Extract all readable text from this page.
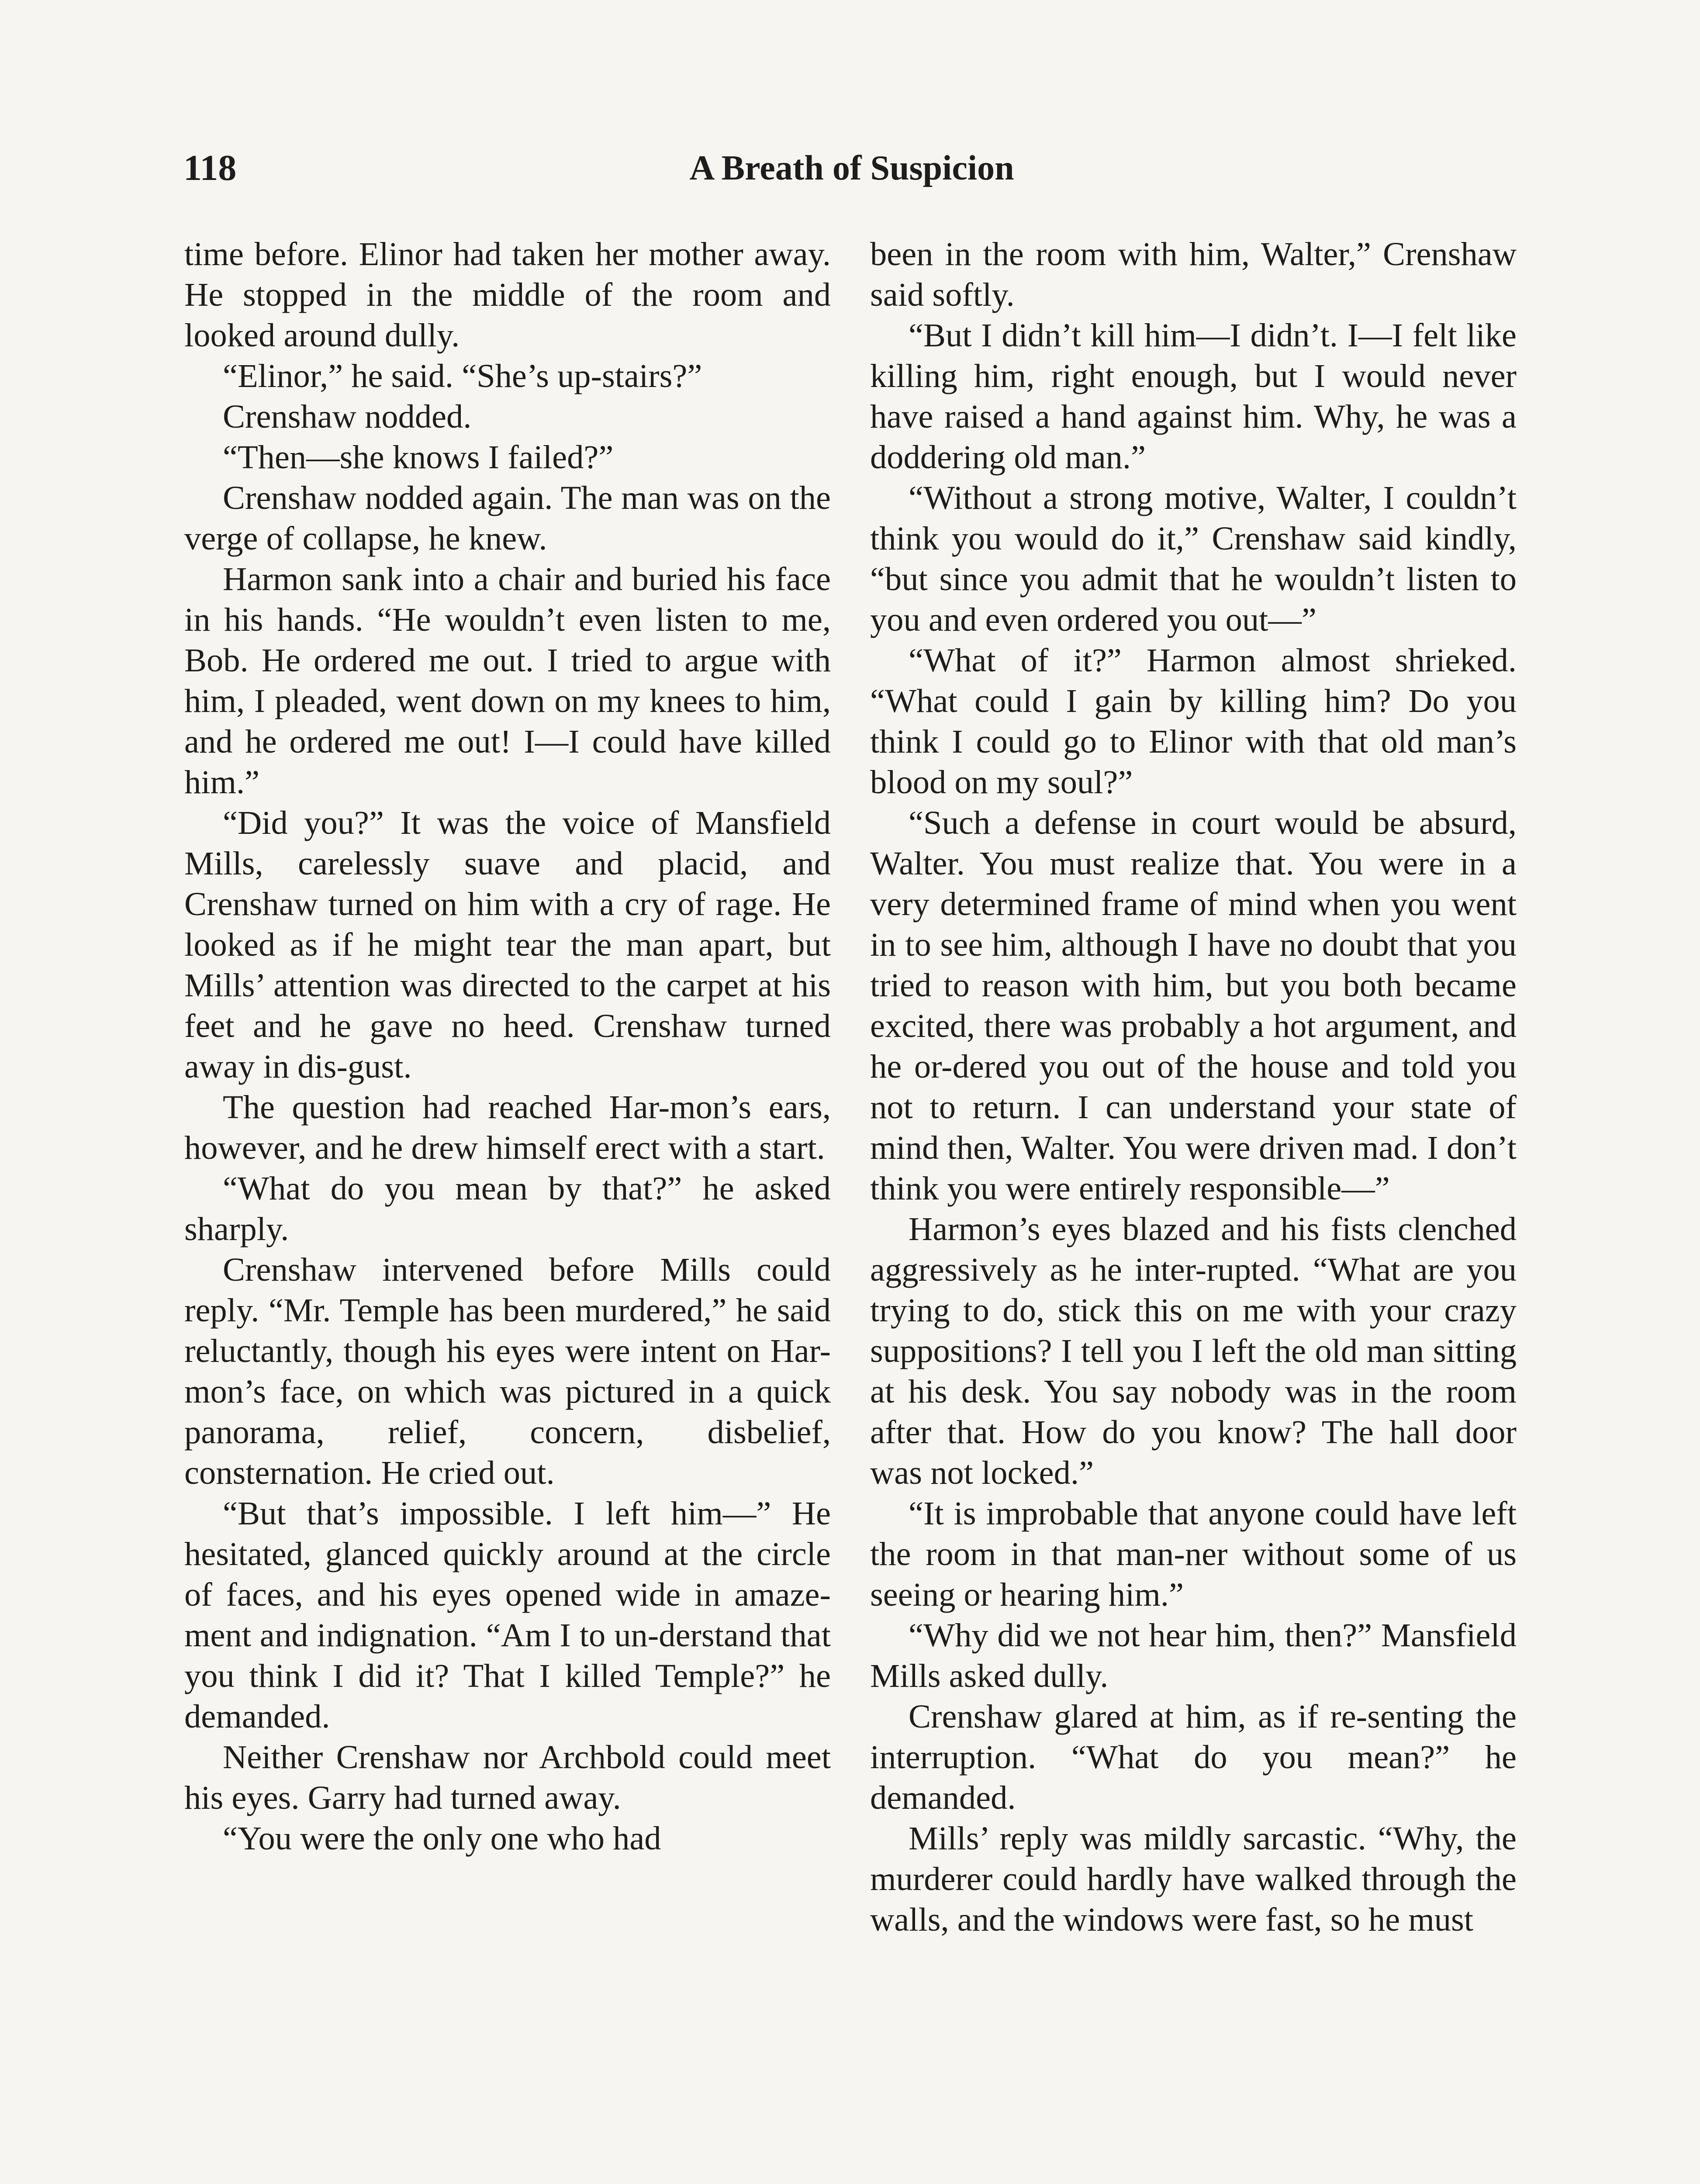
118	A Breath of Suspicion

time before. Elinor had taken her mother away. He stopped in the middle of the room and looked around dully.

“Elinor,” he said. “She’s up-stairs?”

Crenshaw nodded.

“Then—she knows I failed?”

Crenshaw nodded again. The man was on the verge of collapse, he knew.

Harmon sank into a chair and buried his face in his hands. “He wouldn’t even listen to me, Bob. He ordered me out. I tried to argue with him, I pleaded, went down on my knees to him, and he ordered me out! I—I could have killed him.”

“Did you?” It was the voice of Mansfield Mills, carelessly suave and placid, and Crenshaw turned on him with a cry of rage. He looked as if he might tear the man apart, but Mills’ attention was directed to the carpet at his feet and he gave no heed. Crenshaw turned away in dis-gust.

The question had reached Har-mon’s ears, however, and he drew himself erect with a start.

“What do you mean by that?” he asked sharply.

Crenshaw intervened before Mills could reply. “Mr. Temple has been murdered,” he said reluctantly, though his eyes were intent on Har-mon’s face, on which was pictured in a quick panorama, relief, concern, disbelief, consternation. He cried out.

“But that’s impossible. I left him—” He hesitated, glanced quickly around at the circle of faces, and his eyes opened wide in amaze-ment and indignation. “Am I to un-derstand that you think I did it? That I killed Temple?” he demanded.

Neither Crenshaw nor Archbold could meet his eyes. Garry had turned away.

“You were the only one who had

been in the room with him, Walter,” Crenshaw said softly.

“But I didn’t kill him—I didn’t. I—I felt like killing him, right enough, but I would never have raised a hand against him. Why, he was a doddering old man.”

“Without a strong motive, Walter, I couldn’t think you would do it,” Crenshaw said kindly, “but since you admit that he wouldn’t listen to you and even ordered you out—”

“What of it?” Harmon almost shrieked. “What could I gain by killing him? Do you think I could go to Elinor with that old man’s blood on my soul?”

“Such a defense in court would be absurd, Walter. You must realize that. You were in a very determined frame of mind when you went in to see him, although I have no doubt that you tried to reason with him, but you both became excited, there was probably a hot argument, and he or-dered you out of the house and told you not to return. I can understand your state of mind then, Walter. You were driven mad. I don’t think you were entirely responsible—”

Harmon’s eyes blazed and his fists clenched aggressively as he inter-rupted. “What are you trying to do, stick this on me with your crazy suppositions? I tell you I left the old man sitting at his desk. You say nobody was in the room after that. How do you know? The hall door was not locked.”

“It is improbable that anyone could have left the room in that man-ner without some of us seeing or hearing him.”

“Why did we not hear him, then?” Mansfield Mills asked dully.

Crenshaw glared at him, as if re-senting the interruption. “What do you mean?” he demanded.

Mills’ reply was mildly sarcastic. “Why, the murderer could hardly have walked through the walls, and the windows were fast, so he must
